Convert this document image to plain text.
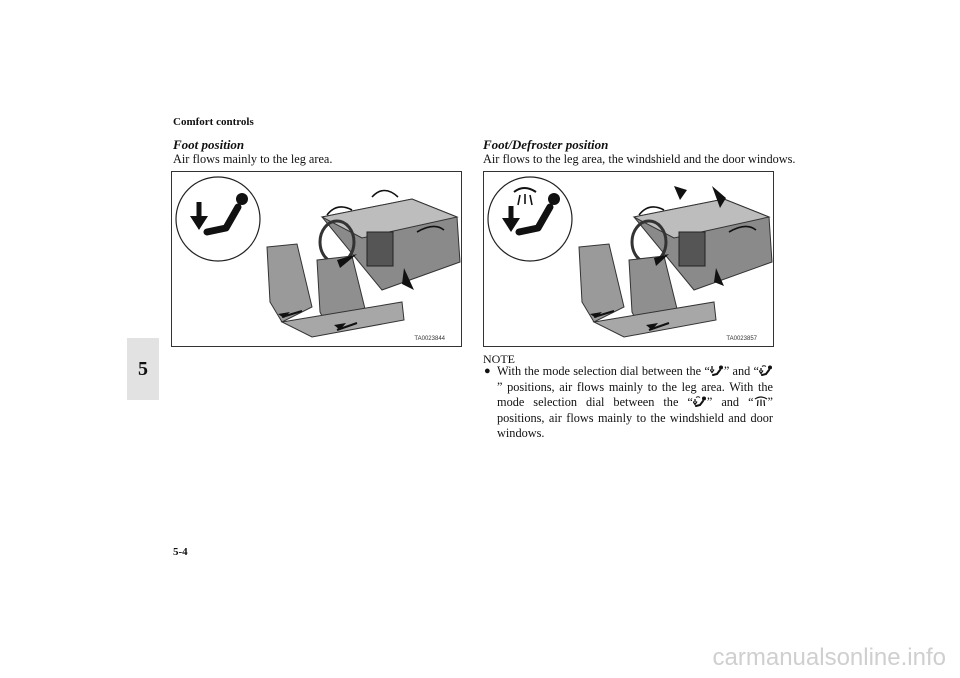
Comfort controls
5
Foot position
Air flows mainly to the leg area.
TA0023844
Foot/Defroster position
Air flows to the leg area, the windshield and the door windows.
TA0023857
NOTE
● With the mode selection dial between the “ ” and “” positions, air flows mainly to the leg area. With the mode selection dial between the “ ” and “ ” positions, air flows mainly to the windshield and door windows.
5-4
carmanualsonline.info
